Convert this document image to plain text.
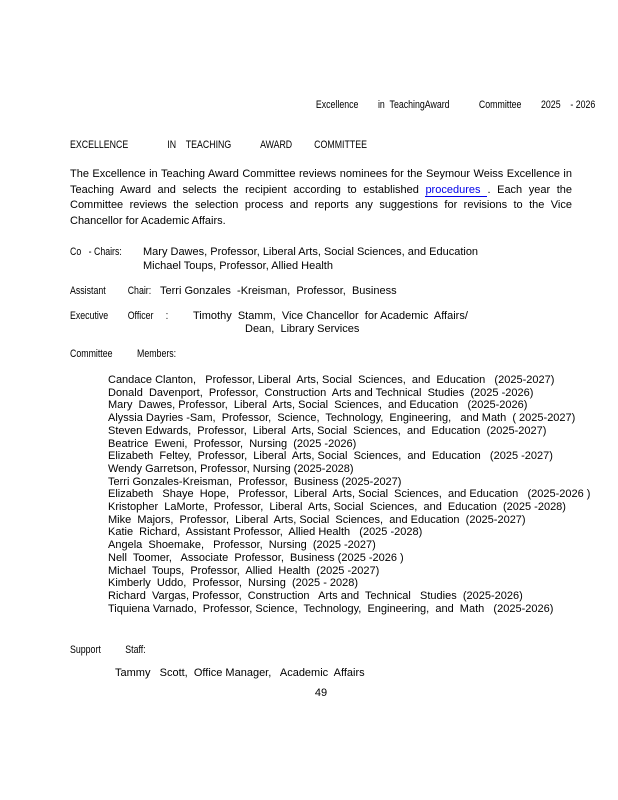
Excellence        in  TeachingAward            Committee        2025    - 2026
EXCELLENCE                IN    TEACHING            AWARD         COMMITTEE

The Excellence in Teaching Award Committee reviews nominees for the Seymour Weiss Excellence in Teaching Award and selects the recipient according to established procedures . Each year the Committee reviews the selection process and reports any suggestions for revisions to the Vice Chancellor for Academic Affairs.

Co   - Chairs: Mary Dawes, Professor, Liberal Arts, Social Sciences, and Education
Michael Toups, Professor, Allied Health
Assistant         Chair: Terri Gonzales  -Kreisman,  Professor,  Business
Executive        Officer     : Timothy  Stamm,  Vice Chancellor  for Academic  Affairs/
Dean,  Library Services
Committee          Members:
Candace Clanton,   Professor, Liberal  Arts, Social  Sciences,  and  Education   (2025-2027)
Donald  Davenport,  Professor,  Construction  Arts and Technical  Studies  (2025 -2026)
Mary  Dawes, Professor,  Liberal  Arts, Social  Sciences,  and Education   (2025-2026)
Alyssia Dayries -Sam,  Professor,  Science,  Technology,  Engineering,   and Math  ( 2025-2027)
Steven Edwards,  Professor,  Liberal  Arts, Social  Sciences,  and  Education  (2025-2027)
Beatrice  Eweni,  Professor,  Nursing  (2025 -2026)
Elizabeth  Feltey,  Professor,  Liberal  Arts, Social  Sciences,  and  Education   (2025 -2027)
Wendy Garretson, Professor, Nursing (2025-2028)
Terri Gonzales-Kreisman,  Professor,  Business (2025-2027)
Elizabeth   Shaye  Hope,   Professor,  Liberal  Arts, Social  Sciences,  and Education   (2025-2026 )
Kristopher  LaMorte,  Professor,  Liberal  Arts, Social  Sciences,  and  Education  (2025 -2028)
Mike  Majors,  Professor,  Liberal  Arts, Social  Sciences,  and Education  (2025-2027)
Katie  Richard,  Assistant Professor,  Allied Health   (2025 -2028)
Angela  Shoemake,   Professor,  Nursing  (2025 -2027)
Nell  Toomer,   Associate  Professor,  Business (2025 -2026 )
Michael  Toups,  Professor,  Allied  Health  (2025 -2027)
Kimberly  Uddo,  Professor,  Nursing  (2025 - 2028)
Richard  Vargas, Professor,  Construction   Arts and  Technical   Studies  (2025-2026)
Tiquiena Varnado,  Professor, Science,  Technology,  Engineering,  and  Math   (2025-2026)
Support          Staff:
Tammy   Scott,  Office Manager,   Academic  Affairs
49
